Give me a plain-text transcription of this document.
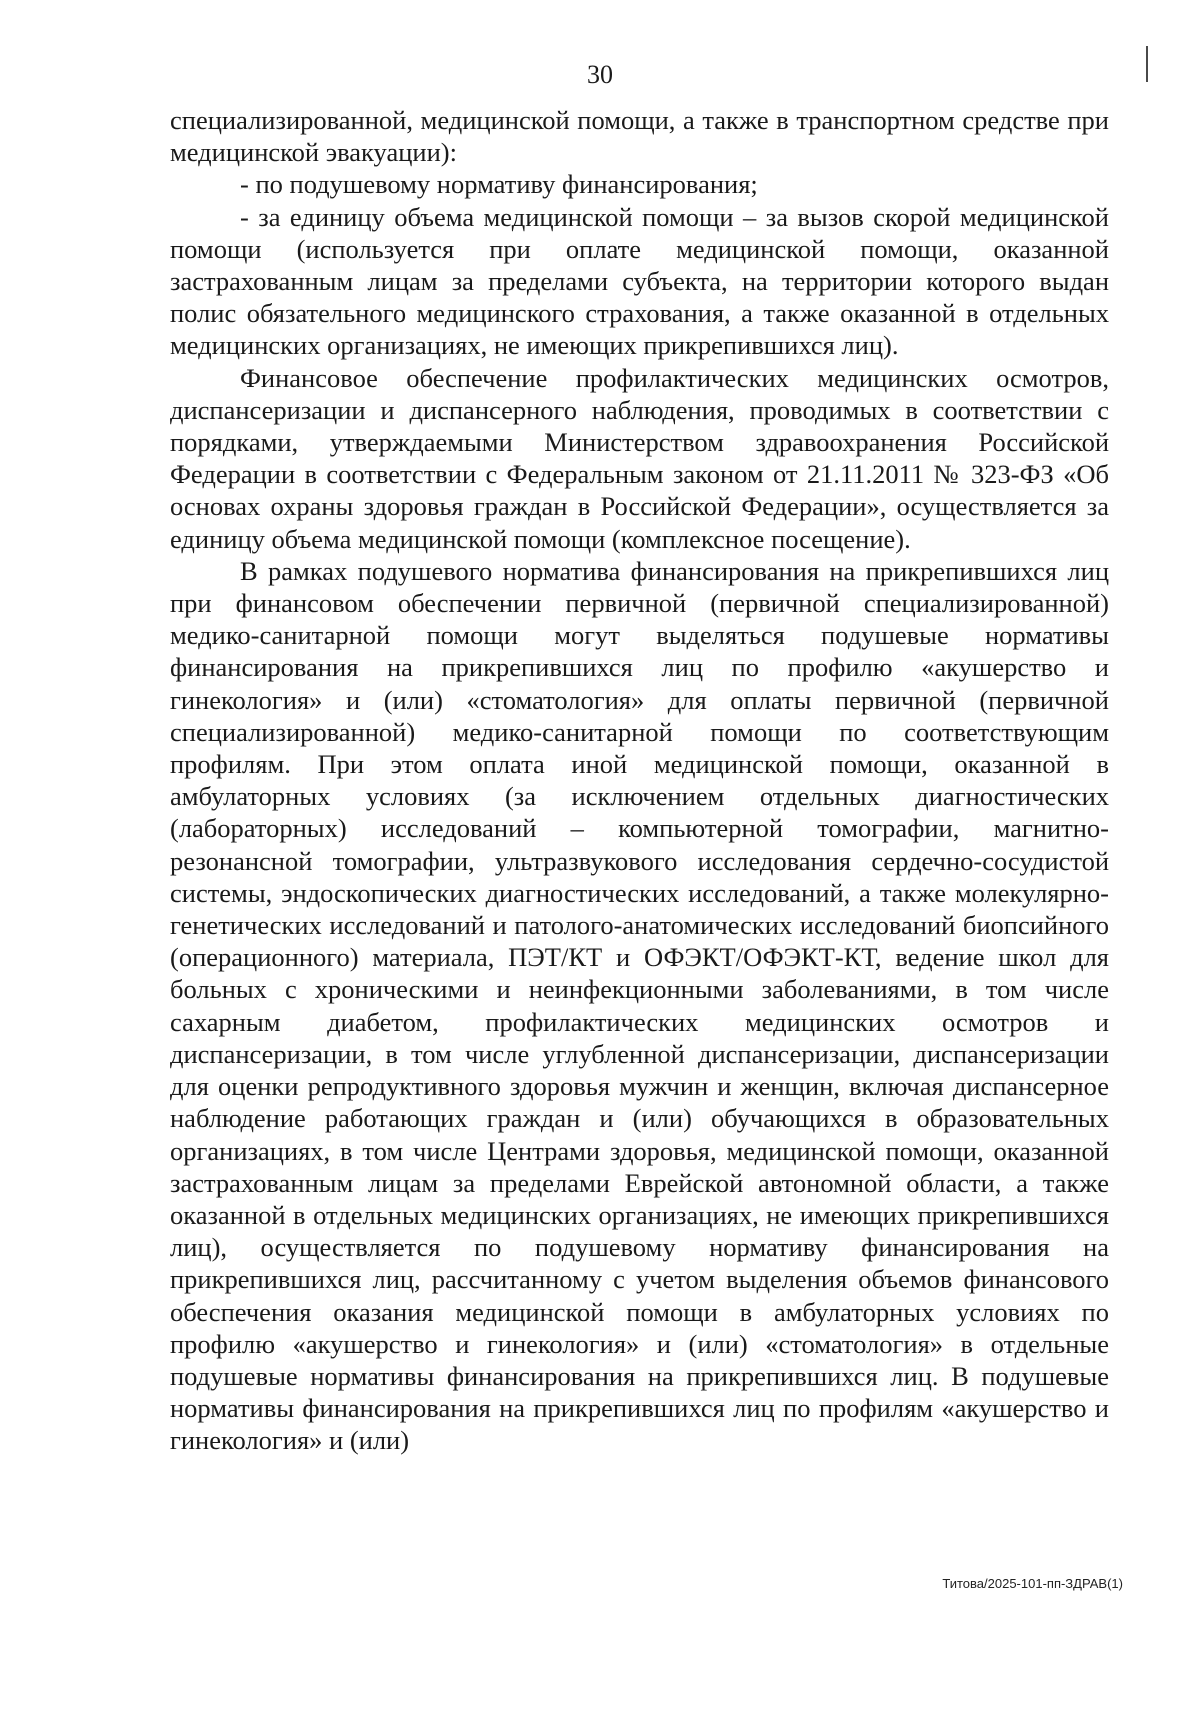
30

специализированной, медицинской помощи, а также в транспортном средстве при медицинской эвакуации):

- по подушевому нормативу финансирования;

- за единицу объема медицинской помощи – за вызов скорой медицинской помощи (используется при оплате медицинской помощи, оказанной застрахованным лицам за пределами субъекта, на территории которого выдан полис обязательного медицинского страхования, а также оказанной в отдельных медицинских организациях, не имеющих прикрепившихся лиц).

Финансовое обеспечение профилактических медицинских осмотров, диспансеризации и диспансерного наблюдения, проводимых в соответствии с порядками, утверждаемыми Министерством здравоохранения Российской Федерации в соответствии с Федеральным законом от 21.11.2011 № 323-ФЗ «Об основах охраны здоровья граждан в Российской Федерации», осуществляется за единицу объема медицинской помощи (комплексное посещение).

В рамках подушевого норматива финансирования на прикрепившихся лиц при финансовом обеспечении первичной (первичной специализированной) медико-санитарной помощи могут выделяться подушевые нормативы финансирования на прикрепившихся лиц по профилю «акушерство и гинекология» и (или) «стоматология» для оплаты первичной (первичной специализированной) медико-санитарной помощи по соответствующим профилям. При этом оплата иной медицинской помощи, оказанной в амбулаторных условиях (за исключением отдельных диагностических (лабораторных) исследований – компьютерной томографии, магнитно-резонансной томографии, ультразвукового исследования сердечно-сосудистой системы, эндоскопических диагностических исследований, а также молекулярно-генетических исследований и патолого-анатомических исследований биопсийного (операционного) материала, ПЭТ/КТ и ОФЭКТ/ОФЭКТ-КТ, ведение школ для больных с хроническими и неинфекционными заболеваниями, в том числе сахарным диабетом, профилактических медицинских осмотров и диспансеризации, в том числе углубленной диспансеризации, диспансеризации для оценки репродуктивного здоровья мужчин и женщин, включая диспансерное наблюдение работающих граждан и (или) обучающихся в образовательных организациях, в том числе Центрами здоровья, медицинской помощи, оказанной застрахованным лицам за пределами Еврейской автономной области, а также оказанной в отдельных медицинских организациях, не имеющих прикрепившихся лиц), осуществляется по подушевому нормативу финансирования на прикрепившихся лиц, рассчитанному с учетом выделения объемов финансового обеспечения оказания медицинской помощи в амбулаторных условиях по профилю «акушерство и гинекология» и (или) «стоматология» в отдельные подушевые нормативы финансирования на прикрепившихся лиц. В подушевые нормативы финансирования на прикрепившихся лиц по профилям «акушерство и гинекология» и (или)

Титова/2025-101-пп-ЗДРАВ(1)
